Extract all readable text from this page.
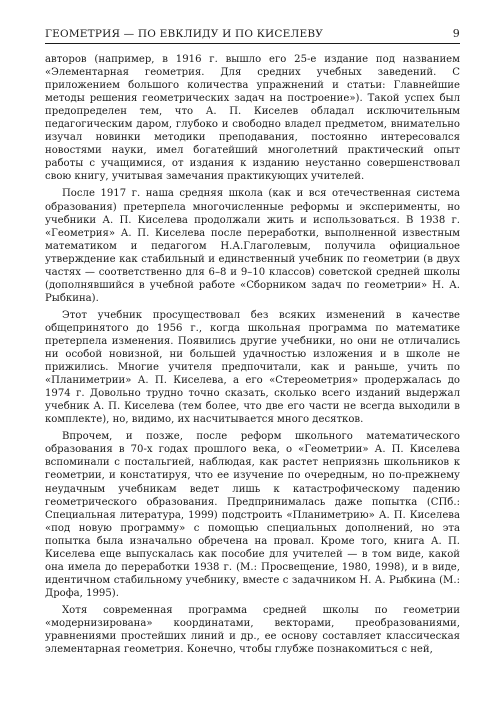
ГЕОМЕТРИЯ — ПО ЕВКЛИДУ И ПО КИСЕЛЕВУ	9

авторов (например, в 1916 г. вышло его 25-е издание под названием «Элементарная геометрия. Для средних учебных заведений. С приложением большого количества упражнений и статьи: Главнейшие методы решения геометрических задач на построение»). Такой успех был предопределен тем, что А. П. Киселев обладал исключительным педагогическим даром, глубоко и свободно владел предметом, внимательно изучал новинки методики преподавания, постоянно интересовался новостями науки, имел богатейший многолетний практический опыт работы с учащимися, от издания к изданию неустанно совершенствовал свою книгу, учитывая замечания практикующих учителей.

После 1917 г. наша средняя школа (как и вся отечественная система образования) претерпела многочисленные реформы и эксперименты, но учебники А. П. Киселева продолжали жить и использоваться. В 1938 г. «Геометрия» А. П. Киселева после переработки, выполненной известным математиком и педагогом Н.А.Глаголевым, получила официальное утверждение как стабильный и единственный учебник по геометрии (в двух частях — соответственно для 6–8 и 9–10 классов) советской средней школы (дополнявшийся в учебной работе «Сборником задач по геометрии» Н. А. Рыбкина).

Этот учебник просуществовал без всяких изменений в качестве общепринятого до 1956 г., когда школьная программа по математике претерпела изменения. Появились другие учебники, но они не отличались ни особой новизной, ни большей удачностью изложения и в школе не прижились. Многие учителя предпочитали, как и раньше, учить по «Планиметрии» А. П. Киселева, а его «Стереометрия» продержалась до 1974 г. Довольно трудно точно сказать, сколько всего изданий выдержал учебник А. П. Киселева (тем более, что две его части не всегда выходили в комплекте), но, видимо, их насчитывается много десятков.

Впрочем, и позже, после реформ школьного математического образования в 70-х годах прошлого века, о «Геометрии» А. П. Киселева вспоминали с постальгией, наблюдая, как растет неприязнь школьников к геометрии, и констатируя, что ее изучение по очередным, но по-прежнему неудачным учебникам ведет лишь к катастрофическому падению геометрического образования. Предпринималась даже попытка (СПб.: Специальная литература, 1999) подстроить «Планиметрию» А. П. Киселева «под новую программу» с помощью специальных дополнений, но эта попытка была изначально обречена на провал. Кроме того, книга А. П. Киселева еще выпускалась как пособие для учителей — в том виде, какой она имела до переработки 1938 г. (М.: Просвещение, 1980, 1998), и в виде, идентичном стабильному учебнику, вместе с задачником Н. А. Рыбкина (М.: Дрофа, 1995).

Хотя современная программа средней школы по геометрии «модернизирована» координатами, векторами, преобразованиями, уравнениями простейших линий и др., ее основу составляет классическая элементарная геометрия. Конечно, чтобы глубже познакомиться с ней,
